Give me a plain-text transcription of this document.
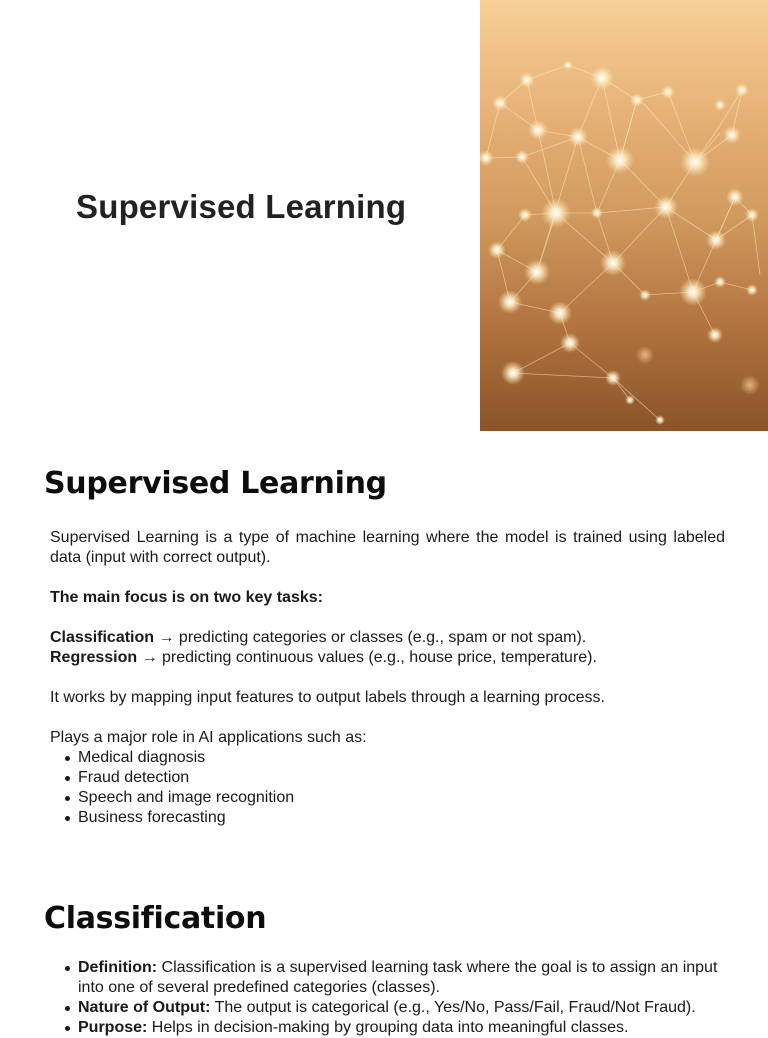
Supervised Learning
Supervised Learning

Supervised Learning is a type of machine learning where the model is trained using labeled data (input with correct output).

The main focus is on two key tasks:

Classification → predicting categories or classes (e.g., spam or not spam).

Regression → predicting continuous values (e.g., house price, temperature).

It works by mapping input features to output labels through a learning process.

Plays a major role in AI applications such as:

Medical diagnosis
Fraud detection
Speech and image recognition
Business forecasting
Classification
Definition: Classification is a supervised learning task where the goal is to assign an input into one of several predefined categories (classes).
Nature of Output: The output is categorical (e.g., Yes/No, Pass/Fail, Fraud/Not Fraud).
Purpose: Helps in decision-making by grouping data into meaningful classes.
